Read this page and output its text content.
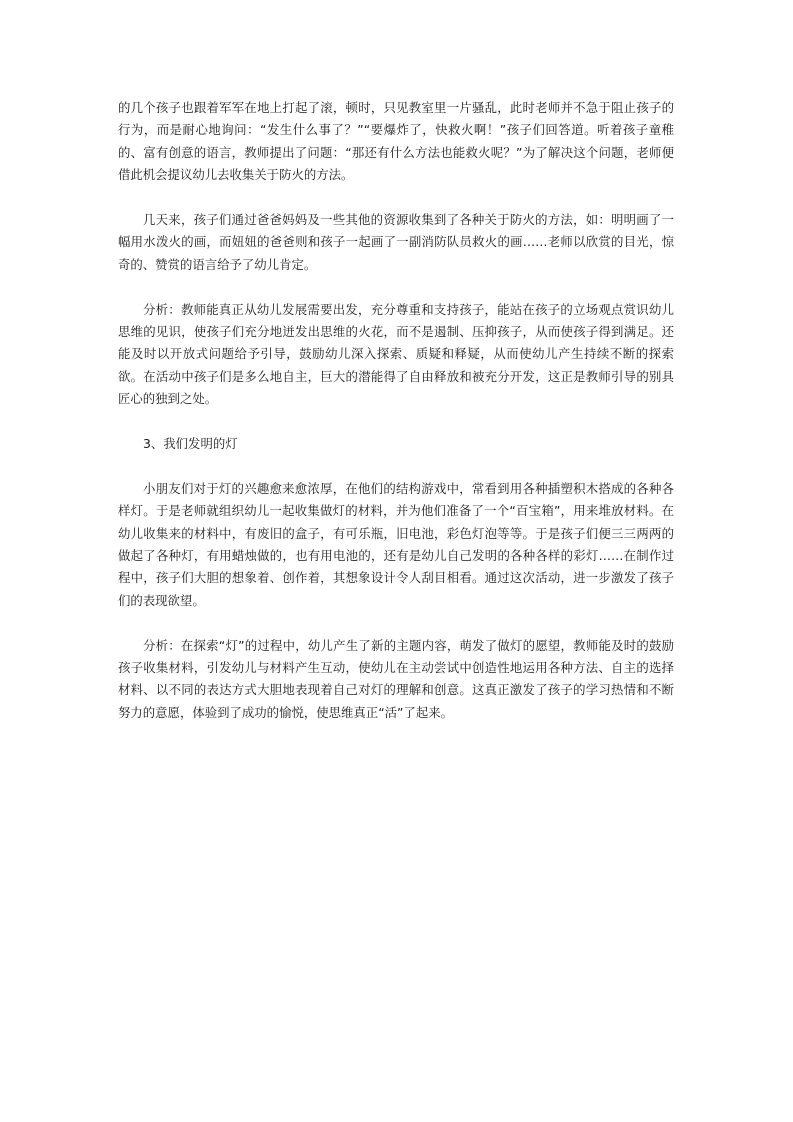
的几个孩子也跟着军军在地上打起了滚，顿时，只见教室里一片骚乱，此时老师并不急于阻止孩子的行为，而是耐心地询问：“发生什么事了？”“要爆炸了，快救火啊！”孩子们回答道。听着孩子童稚的、富有创意的语言，教师提出了问题：“那还有什么方法也能救火呢？”为了解决这个问题，老师便借此机会提议幼儿去收集关于防火的方法。

几天来，孩子们通过爸爸妈妈及一些其他的资源收集到了各种关于防火的方法，如：明明画了一幅用水泼火的画，而妞妞的爸爸则和孩子一起画了一副消防队员救火的画……老师以欣赏的目光，惊奇的、赞赏的语言给予了幼儿肯定。

分析：教师能真正从幼儿发展需要出发，充分尊重和支持孩子，能站在孩子的立场观点赏识幼儿思维的见识，使孩子们充分地迸发出思维的火花，而不是遏制、压抑孩子，从而使孩子得到满足。还能及时以开放式问题给予引导，鼓励幼儿深入探索、质疑和释疑，从而使幼儿产生持续不断的探索欲。在活动中孩子们是多么地自主，巨大的潜能得了自由释放和被充分开发，这正是教师引导的别具匠心的独到之处。

3、我们发明的灯

小朋友们对于灯的兴趣愈来愈浓厚，在他们的结构游戏中，常看到用各种插塑积木搭成的各种各样灯。于是老师就组织幼儿一起收集做灯的材料，并为他们准备了一个“百宝箱”，用来堆放材料。在幼儿收集来的材料中，有废旧的盒子，有可乐瓶，旧电池，彩色灯泡等等。于是孩子们便三三两两的做起了各种灯，有用蜡烛做的，也有用电池的，还有是幼儿自己发明的各种各样的彩灯……在制作过程中，孩子们大胆的想象着、创作着，其想象设计令人刮目相看。通过这次活动，进一步激发了孩子们的表现欲望。

分析：在探索“灯”的过程中，幼儿产生了新的主题内容，萌发了做灯的愿望，教师能及时的鼓励孩子收集材料，引发幼儿与材料产生互动，使幼儿在主动尝试中创造性地运用各种方法、自主的选择材料、以不同的表达方式大胆地表现着自己对灯的理解和创意。这真正激发了孩子的学习热情和不断努力的意愿，体验到了成功的愉悦，使思维真正“活”了起来。
